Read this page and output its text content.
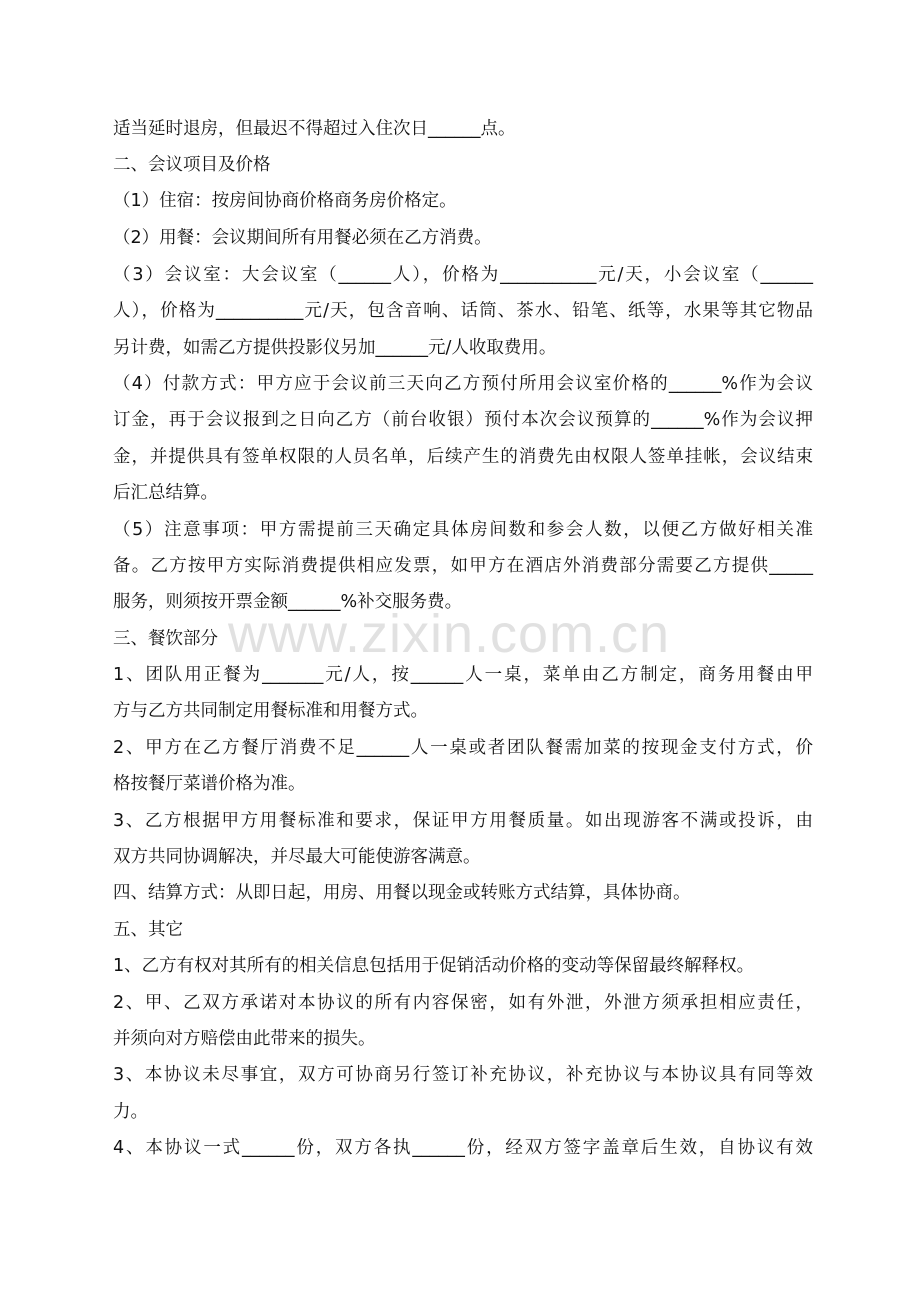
www.zixin.com.cn
适当延时退房，但最迟不得超过入住次日______点。
二、会议项目及价格
（1）住宿：按房间协商价格商务房价格定。
（2）用餐：会议期间所有用餐必须在乙方消费。
（3）会议室：大会议室（______人），价格为___________元/天，小会议室（______
人），价格为__________元/天，包含音响、话筒、茶水、铅笔、纸等，水果等其它物品
另计费，如需乙方提供投影仪另加______元/人收取费用。
（4）付款方式：甲方应于会议前三天向乙方预付所用会议室价格的______%作为会议
订金，再于会议报到之日向乙方（前台收银）预付本次会议预算的______%作为会议押
金，并提供具有签单权限的人员名单，后续产生的消费先由权限人签单挂帐，会议结束
后汇总结算。
（5）注意事项：甲方需提前三天确定具体房间数和参会人数，以便乙方做好相关准
备。乙方按甲方实际消费提供相应发票，如甲方在酒店外消费部分需要乙方提供_____
服务，则须按开票金额______%补交服务费。
三、餐饮部分
1、团队用正餐为_______元/人，按______人一桌，菜单由乙方制定，商务用餐由甲
方与乙方共同制定用餐标准和用餐方式。
2、甲方在乙方餐厅消费不足______人一桌或者团队餐需加菜的按现金支付方式，价
格按餐厅菜谱价格为准。
3、乙方根据甲方用餐标准和要求，保证甲方用餐质量。如出现游客不满或投诉，由
双方共同协调解决，并尽最大可能使游客满意。
四、结算方式：从即日起，用房、用餐以现金或转账方式结算，具体协商。
五、其它
1、乙方有权对其所有的相关信息包括用于促销活动价格的变动等保留最终解释权。
2、甲、乙双方承诺对本协议的所有内容保密，如有外泄，外泄方须承担相应责任，
并须向对方赔偿由此带来的损失。
3、本协议未尽事宜，双方可协商另行签订补充协议，补充协议与本协议具有同等效
力。
4、本协议一式______份，双方各执______份，经双方签字盖章后生效，自协议有效
